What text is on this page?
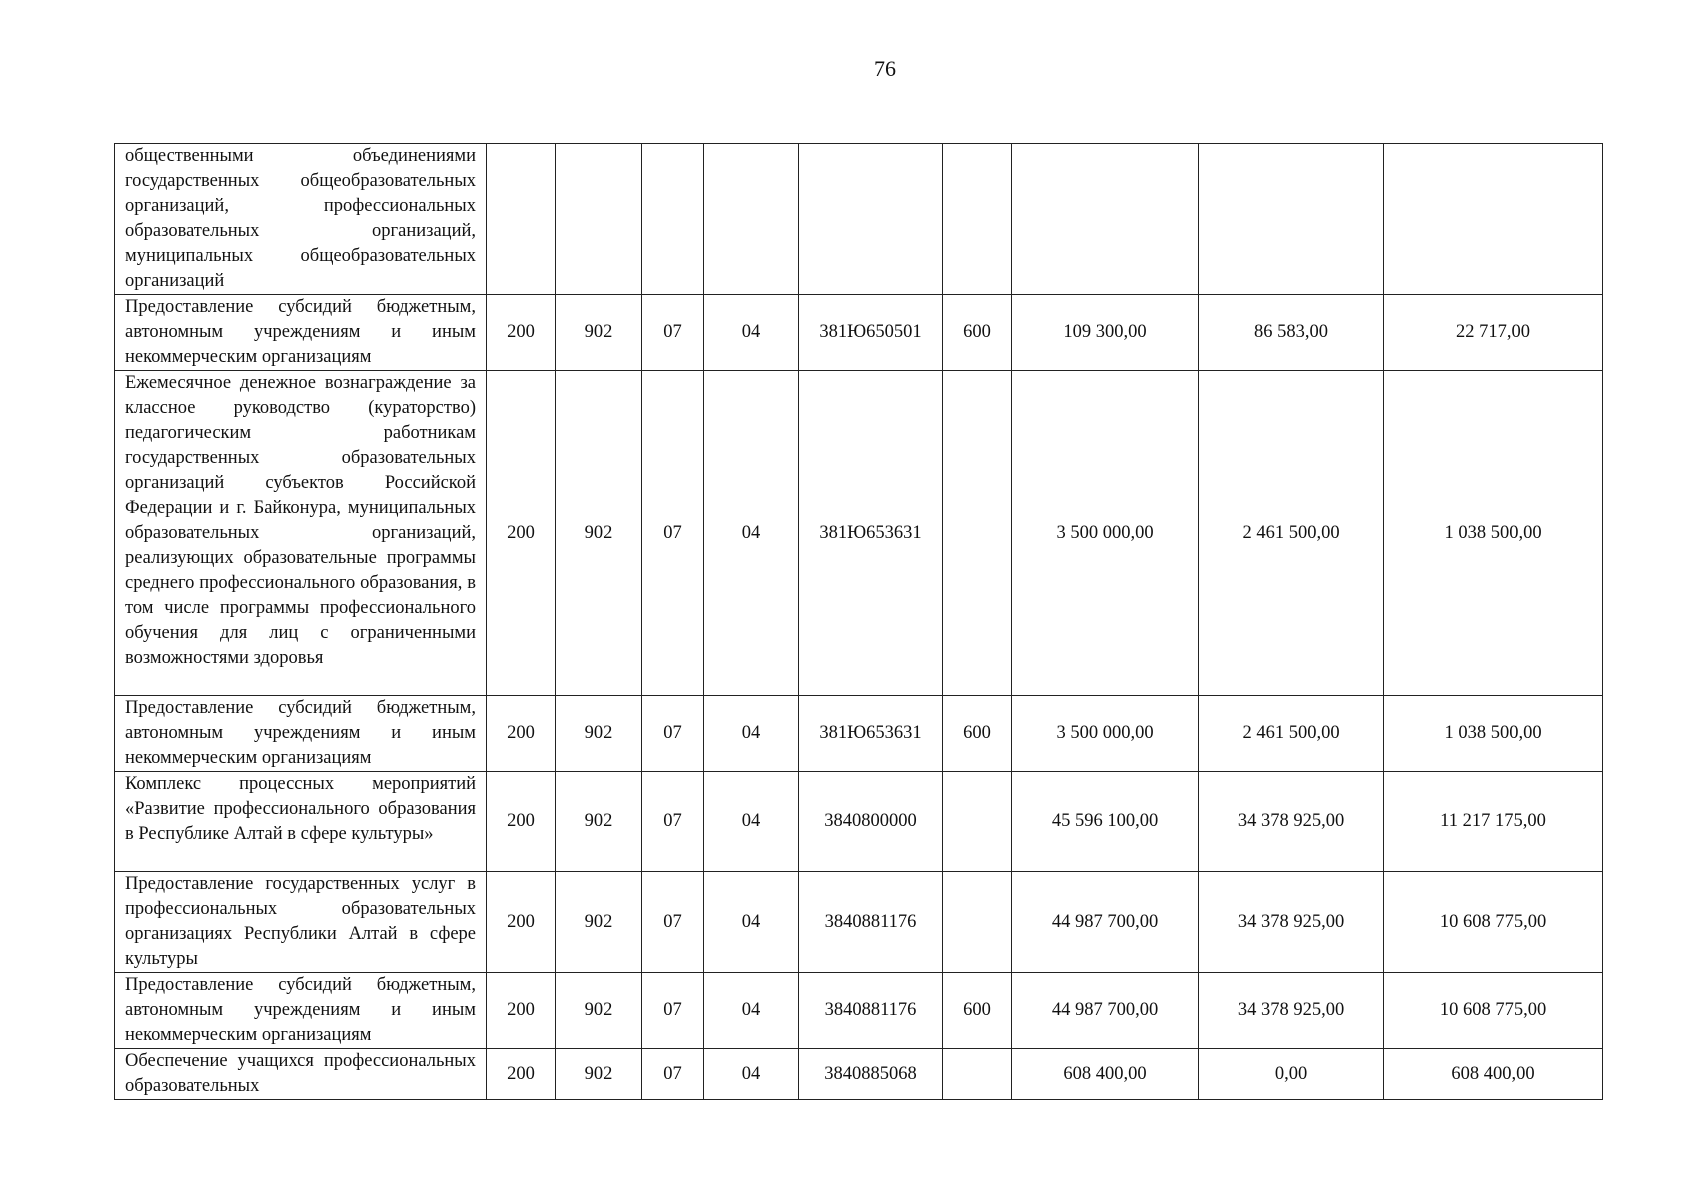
76
общественными объединениями государственных общеобразовательных организаций, профессиональных образовательных организаций, муниципальных общеобразовательных организаций									
Предоставление субсидий бюджетным, автономным учреждениям и иным некоммерческим организациям	200	902	07	04	381Ю650501	600	109 300,00	86 583,00	22 717,00
Ежемесячное денежное вознаграждение за классное руководство (кураторство) педагогическим работникам государственных образовательных организаций субъектов Российской Федерации и г. Байконура, муниципальных образовательных организаций, реализующих образовательные программы среднего профессионального образования, в том числе программы профессионального обучения для лиц с ограниченными возможностями здоровья	200	902	07	04	381Ю653631		3 500 000,00	2 461 500,00	1 038 500,00
Предоставление субсидий бюджетным, автономным учреждениям и иным некоммерческим организациям	200	902	07	04	381Ю653631	600	3 500 000,00	2 461 500,00	1 038 500,00
Комплекс процессных мероприятий «Развитие профессионального образования в Республике Алтай в сфере культуры»	200	902	07	04	3840800000		45 596 100,00	34 378 925,00	11 217 175,00
Предоставление государственных услуг в профессиональных образовательных организациях Республики Алтай в сфере культуры	200	902	07	04	3840881176		44 987 700,00	34 378 925,00	10 608 775,00
Предоставление субсидий бюджетным, автономным учреждениям и иным некоммерческим организациям	200	902	07	04	3840881176	600	44 987 700,00	34 378 925,00	10 608 775,00
Обеспечение учащихся профессиональных образовательных	200	902	07	04	3840885068		608 400,00	0,00	608 400,00
